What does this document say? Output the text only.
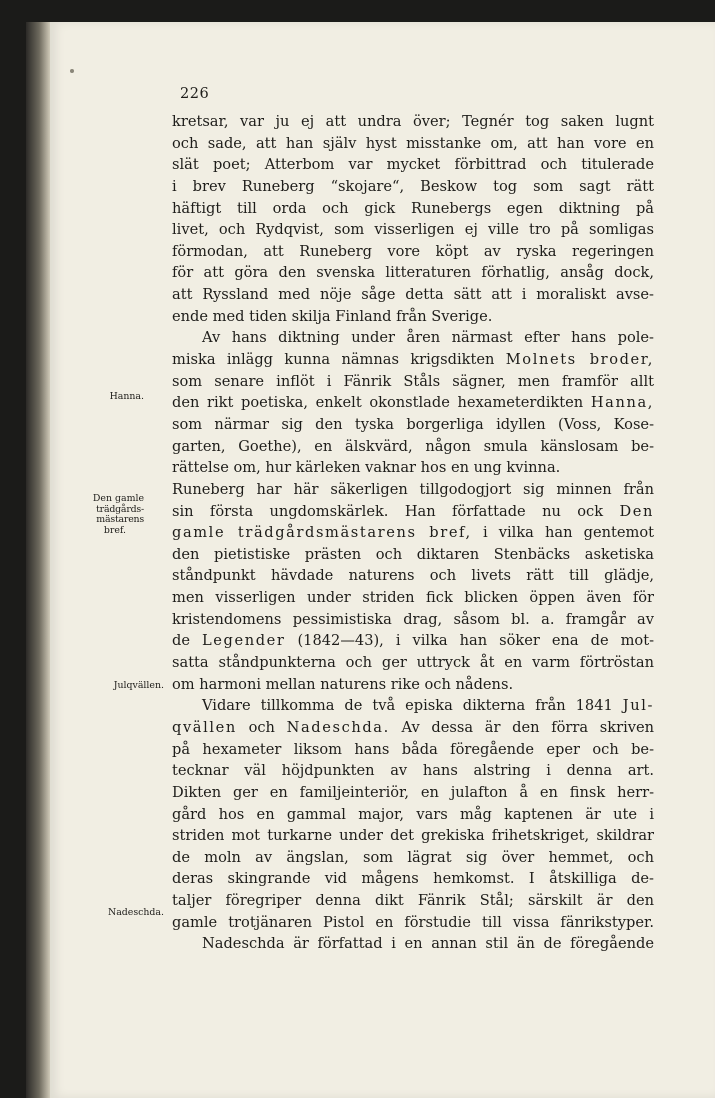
226
Hanna.
Den gamle
trädgårds-
mästarens
bref.
Julqvällen.
Nadeschda.
kretsar, var ju ej att undra över; Tegnér tog saken lugnt
och sade, att han själv hyst misstanke om, att han vore en
slät poet; Atterbom var mycket förbittrad och titulerade
i brev Runeberg “skojare“, Beskow tog som sagt rätt
häftigt till orda och gick Runebergs egen diktning på
livet, och Rydqvist, som visserligen ej ville tro på somligas
förmodan, att Runeberg vore köpt av ryska regeringen
för att göra den svenska litteraturen förhatlig, ansåg dock,
att Ryssland med nöje såge detta sätt att i moraliskt avse-
ende med tiden skilja Finland från Sverige.
Av hans diktning under åren närmast efter hans pole-
miska inlägg kunna nämnas krigsdikten Molnets broder,
som senare inflöt i Fänrik Ståls sägner, men framför allt
den rikt poetiska, enkelt okonstlade hexameterdikten Hanna,
som närmar sig den tyska borgerliga idyllen (Voss, Kose-
garten, Goethe), en älskvärd, någon smula känslosam be-
rättelse om, hur kärleken vaknar hos en ung kvinna.
Runeberg har här säkerligen tillgodogjort sig minnen från
sin första ungdomskärlek. Han författade nu ock Den
gamle trädgårdsmästarens bref, i vilka han gentemot
den pietistiske prästen och diktaren Stenbäcks asketiska
ståndpunkt hävdade naturens och livets rätt till glädje,
men visserligen under striden fick blicken öppen även för
kristendomens pessimistiska drag, såsom bl. a. framgår av
de Legender (1842—43), i vilka han söker ena de mot-
satta ståndpunkterna och ger uttryck åt en varm förtröstan
om harmoni mellan naturens rike och nådens.
Vidare tillkomma de två episka dikterna från 1841 Jul-
qvällen och Nadeschda. Av dessa är den förra skriven
på hexameter liksom hans båda föregående eper och be-
tecknar väl höjdpunkten av hans alstring i denna art.
Dikten ger en familjeinteriör, en julafton å en finsk herr-
gård hos en gammal major, vars måg kaptenen är ute i
striden mot turkarne under det grekiska frihetskriget, skildrar
de moln av ängslan, som lägrat sig över hemmet, och
deras skingrande vid mågens hemkomst. I åtskilliga de-
taljer föregriper denna dikt Fänrik Stål; särskilt är den
gamle trotjänaren Pistol en förstudie till vissa fänrikstyper.
Nadeschda är författad i en annan stil än de föregående
